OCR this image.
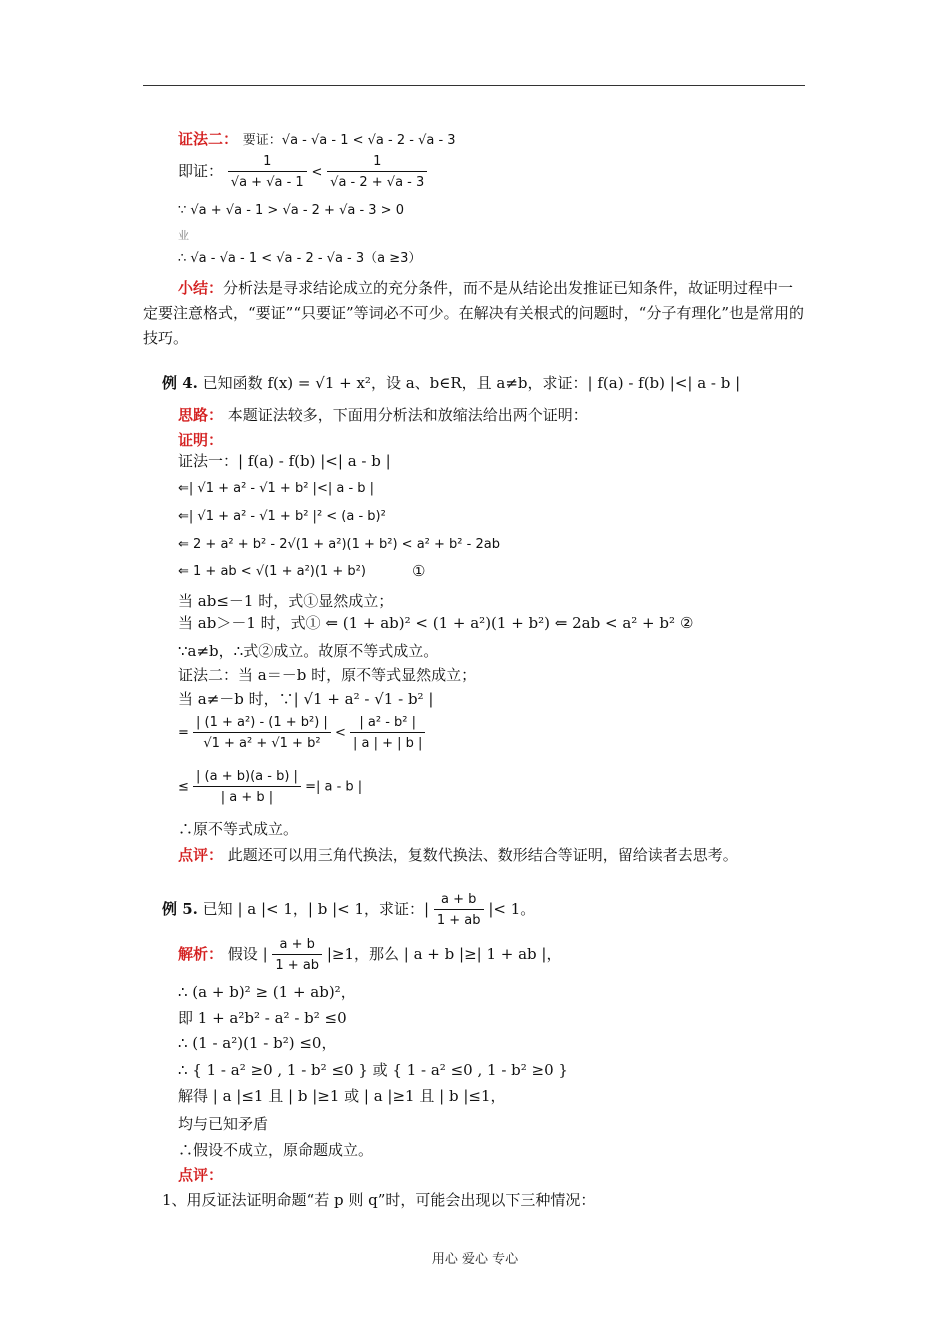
证法二： 要证：√a - √a - 1 < √a - 2 - √a - 3
即证： $\frac{1}{√a + √a - 1} < \frac{1}{√a - 2 + √a - 3}$
∵ √a + √a - 1 > √a - 2 + √a - 3 > 0
业
∴ √a - √a - 1 < √a - 2 - √a - 3（a ≥3）
小结：分析法是寻求结论成立的充分条件，而不是从结论出发推证已知条件，故证明过程中一定要注意格式，“要证”“只要证”等词必不可少。在解决有关根式的问题时，“分子有理化”也是常用的技巧。
例 4. 已知函数 f(x) = √1 + x²，设 a、b∈R，且 a≠b，求证：| f(a) - f(b) |<| a - b |
思路： 本题证法较多，下面用分析法和放缩法给出两个证明：
证明：
证法一：| f(a) - f(b) |<| a - b |
⇐| √1 + a² - √1 + b² |<| a - b |
⇐| √1 + a² - √1 + b² |² < (a - b)²
⇐ 2 + a² + b² - 2√(1 + a²)(1 + b²) < a² + b² - 2ab
⇐ 1 + ab < √(1 + a²)(1 + b²)	①
当 ab≤－1 时，式①显然成立；
当 ab＞－1 时，式① ⇐ (1 + ab)² < (1 + a²)(1 + b²) ⇐ 2ab < a² + b² ②
∵a≠b，∴式②成立。故原不等式成立。
证法二：当 a＝－b 时，原不等式显然成立；
当 a≠－b 时，∵| √1 + a² - √1 - b² |
= $\frac{\text{| (1 + a²) - (1 + b²) |}}{\text{√1 + a² + √1 + b²}} < \frac{\text{| a² - b² |}}{| a | + | b |}$
≤ $\frac{| (a + b)(a - b) |}{| a + b |}$ =| a - b |
∴原不等式成立。
点评： 此题还可以用三角代换法，复数代换法、数形结合等证明，留给读者去思考。
例 5. 已知 | a |< 1，| b |< 1，求证：| $\frac{a + b}{1 + ab}$ |< 1。
解析： 假设 | $\frac{a + b}{1 + ab} |\ge 1$，那么 | a + b |≥| 1 + ab |，
∴ (a + b)² ≥ (1 + ab)²，
即 1 + a²b² - a² - b² ≤0
∴ (1 - a²)(1 - b²) ≤0，
∴ { 1 - a² ≥0 , 1 - b² ≤0 } 或 { 1 - a² ≤0 , 1 - b² ≥0 }
解得 | a |≤1 且 | b |≥1 或 | a |≥1 且 | b |≤1，
均与已知矛盾
∴假设不成立，原命题成立。
点评：
1、用反证法证明命题“若 p 则 q”时，可能会出现以下三种情况：
用心 爱心 专心
